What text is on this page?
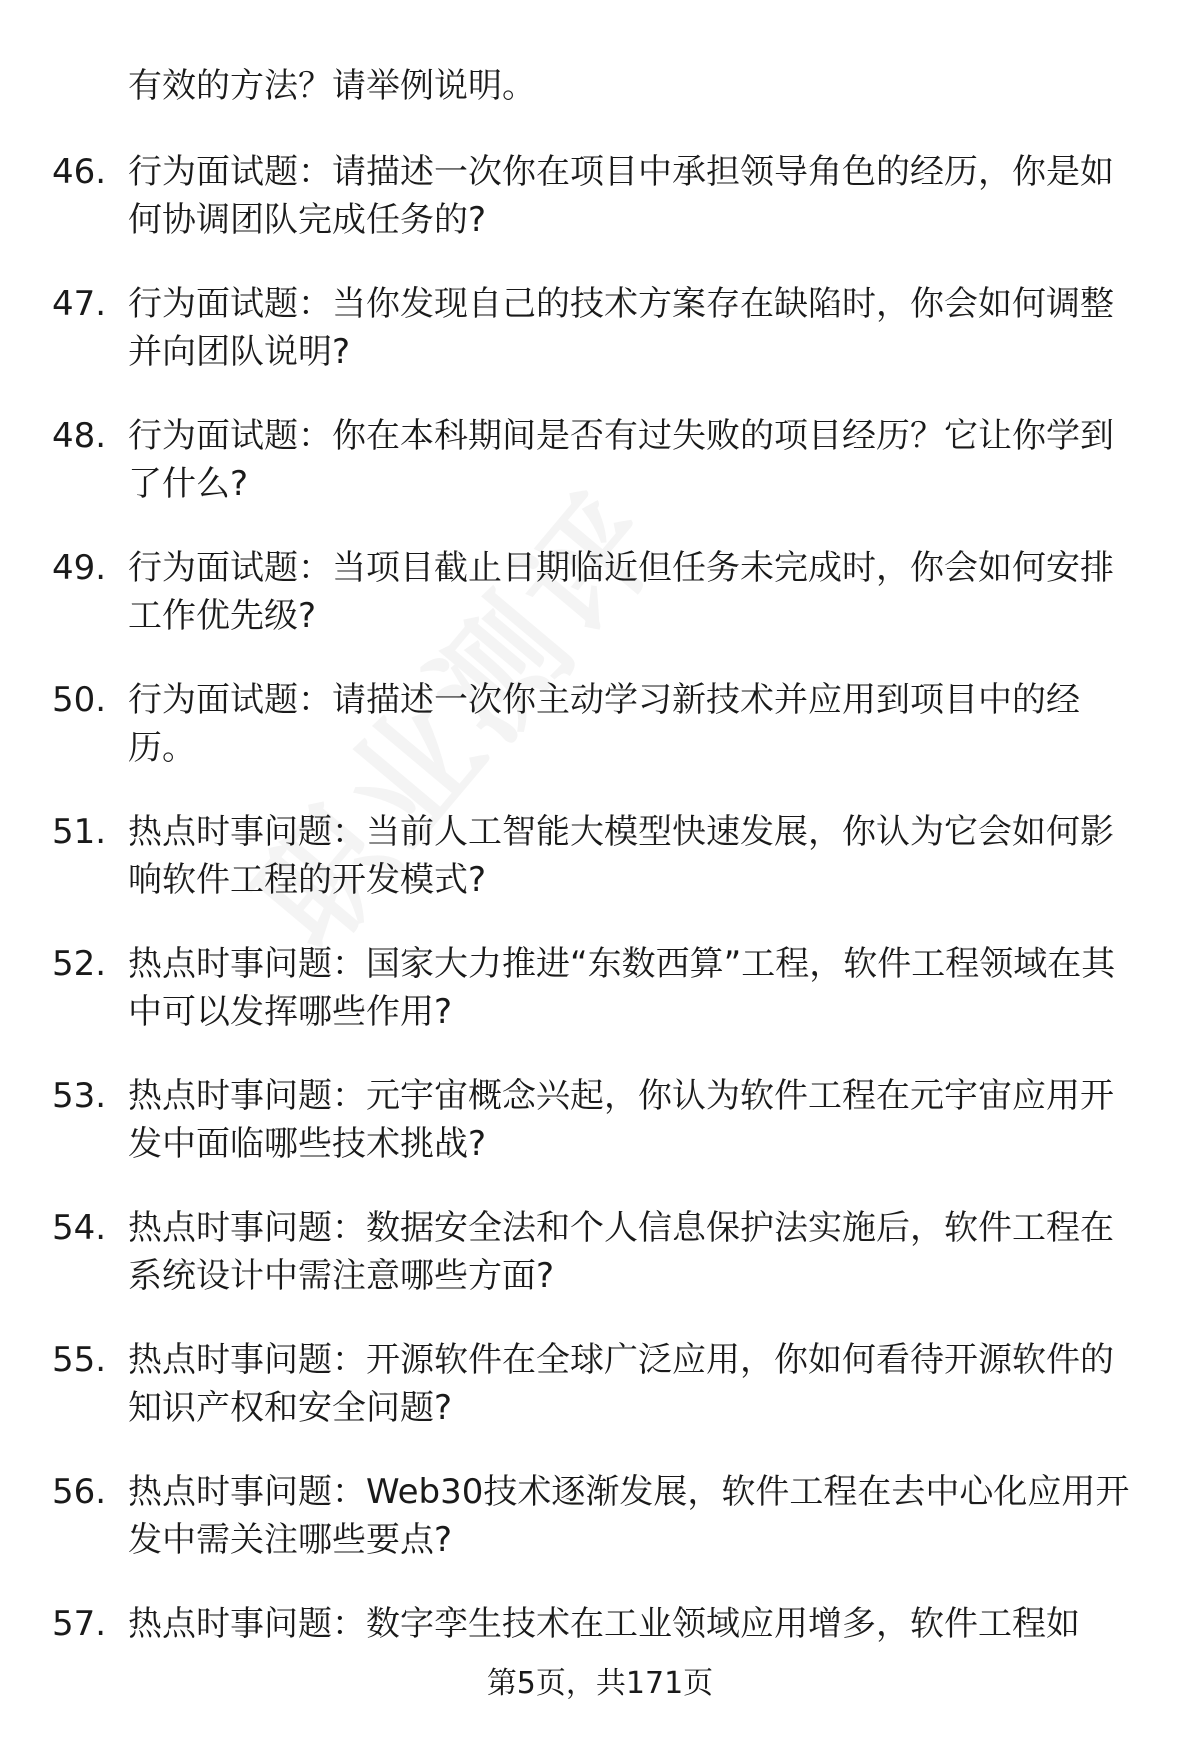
有效的方法？请举例说明。
46. 行为面试题：请描述一次你在项目中承担领导角色的经历，你是如何协调团队完成任务的?
47. 行为面试题：当你发现自己的技术方案存在缺陷时，你会如何调整并向团队说明?
48. 行为面试题：你在本科期间是否有过失败的项目经历？它让你学到了什么?
49. 行为面试题：当项目截止日期临近但任务未完成时，你会如何安排工作优先级?
50. 行为面试题：请描述一次你主动学习新技术并应用到项目中的经历。
51. 热点时事问题：当前人工智能大模型快速发展，你认为它会如何影响软件工程的开发模式?
52. 热点时事问题：国家大力推进“东数西算”工程，软件工程领域在其中可以发挥哪些作用?
53. 热点时事问题：元宇宙概念兴起，你认为软件工程在元宇宙应用开发中面临哪些技术挑战?
54. 热点时事问题：数据安全法和个人信息保护法实施后，软件工程在系统设计中需注意哪些方面?
55. 热点时事问题：开源软件在全球广泛应用，你如何看待开源软件的知识产权和安全问题?
56. 热点时事问题：Web30技术逐渐发展，软件工程在去中心化应用开发中需关注哪些要点?
57. 热点时事问题：数字孪生技术在工业领域应用增多，软件工程如
第5页，共171页
